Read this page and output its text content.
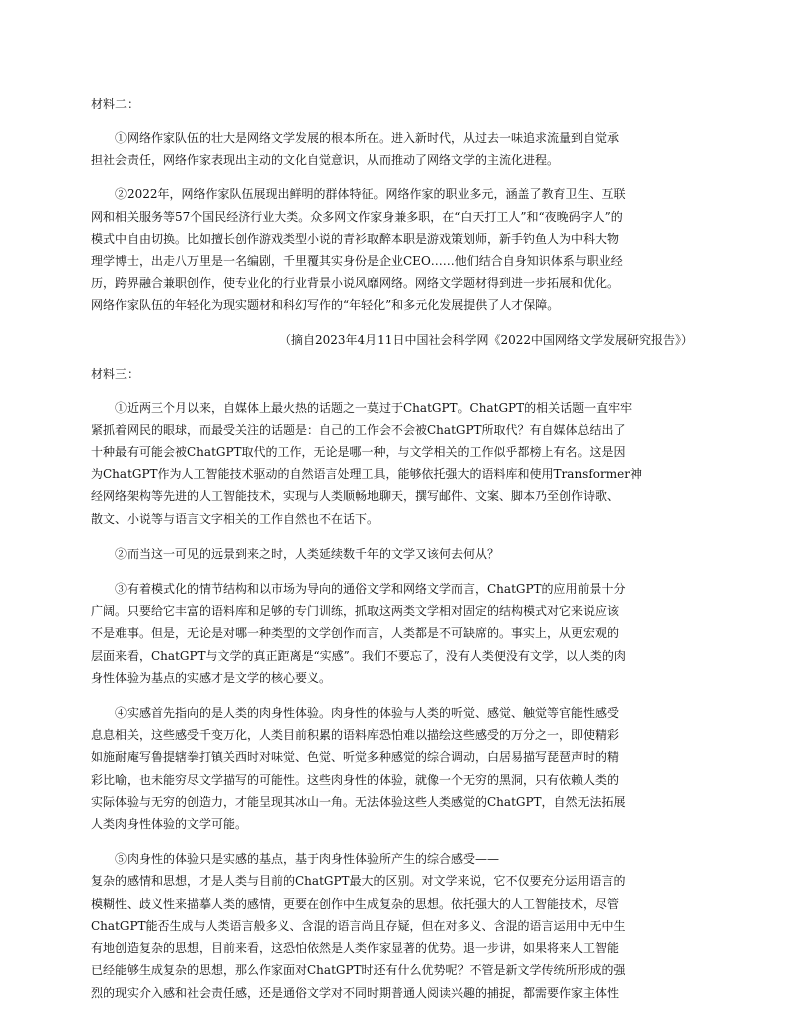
材料二：

①网络作家队伍的壮大是网络文学发展的根本所在。进入新时代，从过去一味追求流量到自觉承
担社会责任，网络作家表现出主动的文化自觉意识，从而推动了网络文学的主流化进程。

②2022年，网络作家队伍展现出鲜明的群体特征。网络作家的职业多元，涵盖了教育卫生、互联
网和相关服务等57个国民经济行业大类。众多网文作家身兼多职，在“白天打工人”和“夜晚码字人”的
模式中自由切换。比如擅长创作游戏类型小说的青衫取醉本职是游戏策划师，新手钓鱼人为中科大物
理学博士，出走八万里是一名编剧，千里覆其实身份是企业CEO……他们结合自身知识体系与职业经
历，跨界融合兼职创作，使专业化的行业背景小说风靡网络。网络文学题材得到进一步拓展和优化。
网络作家队伍的年轻化为现实题材和科幻写作的“年轻化”和多元化发展提供了人才保障。

（摘自2023年4月11日中国社会科学网《2022中国网络文学发展研究报告》）

材料三：

①近两三个月以来，自媒体上最火热的话题之一莫过于ChatGPT。ChatGPT的相关话题一直牢牢
紧抓着网民的眼球，而最受关注的话题是：自己的工作会不会被ChatGPT所取代？有自媒体总结出了
十种最有可能会被ChatGPT取代的工作，无论是哪一种，与文学相关的工作似乎都榜上有名。这是因
为ChatGPT作为人工智能技术驱动的自然语言处理工具，能够依托强大的语料库和使用Transformer神
经网络架构等先进的人工智能技术，实现与人类顺畅地聊天，撰写邮件、文案、脚本乃至创作诗歌、
散文、小说等与语言文字相关的工作自然也不在话下。

②而当这一可见的远景到来之时，人类延续数千年的文学又该何去何从？

③有着模式化的情节结构和以市场为导向的通俗文学和网络文学而言，ChatGPT的应用前景十分
广阔。只要给它丰富的语料库和足够的专门训练，抓取这两类文学相对固定的结构模式对它来说应该
不是难事。但是，无论是对哪一种类型的文学创作而言，人类都是不可缺席的。事实上，从更宏观的
层面来看，ChatGPT与文学的真正距离是“实感”。我们不要忘了，没有人类便没有文学，以人类的肉
身性体验为基点的实感才是文学的核心要义。

④实感首先指向的是人类的肉身性体验。肉身性的体验与人类的听觉、感觉、触觉等官能性感受
息息相关，这些感受千变万化，人类目前积累的语料库恐怕难以描绘这些感受的万分之一，即使精彩
如施耐庵写鲁提辖拳打镇关西时对味觉、色觉、听觉多种感觉的综合调动，白居易描写琵琶声时的精
彩比喻，也未能穷尽文学描写的可能性。这些肉身性的体验，就像一个无穷的黑洞，只有依赖人类的
实际体验与无穷的创造力，才能呈现其冰山一角。无法体验这些人类感觉的ChatGPT，自然无法拓展
人类肉身性体验的文学可能。

⑤肉身性的体验只是实感的基点，基于肉身性体验所产生的综合感受——
复杂的感情和思想，才是人类与目前的ChatGPT最大的区别。对文学来说，它不仅要充分运用语言的
模糊性、歧义性来描摹人类的感情，更要在创作中生成复杂的思想。依托强大的人工智能技术，尽管
ChatGPT能否生成与人类语言般多义、含混的语言尚且存疑，但在对多义、含混的语言运用中无中生
有地创造复杂的思想，目前来看，这恐怕依然是人类作家显著的优势。退一步讲，如果将来人工智能
已经能够生成复杂的思想，那么作家面对ChatGPT时还有什么优势呢？不管是新文学传统所形成的强
烈的现实介入感和社会责任感，还是通俗文学对不同时期普通人阅读兴趣的捕捉，都需要作家主体性
